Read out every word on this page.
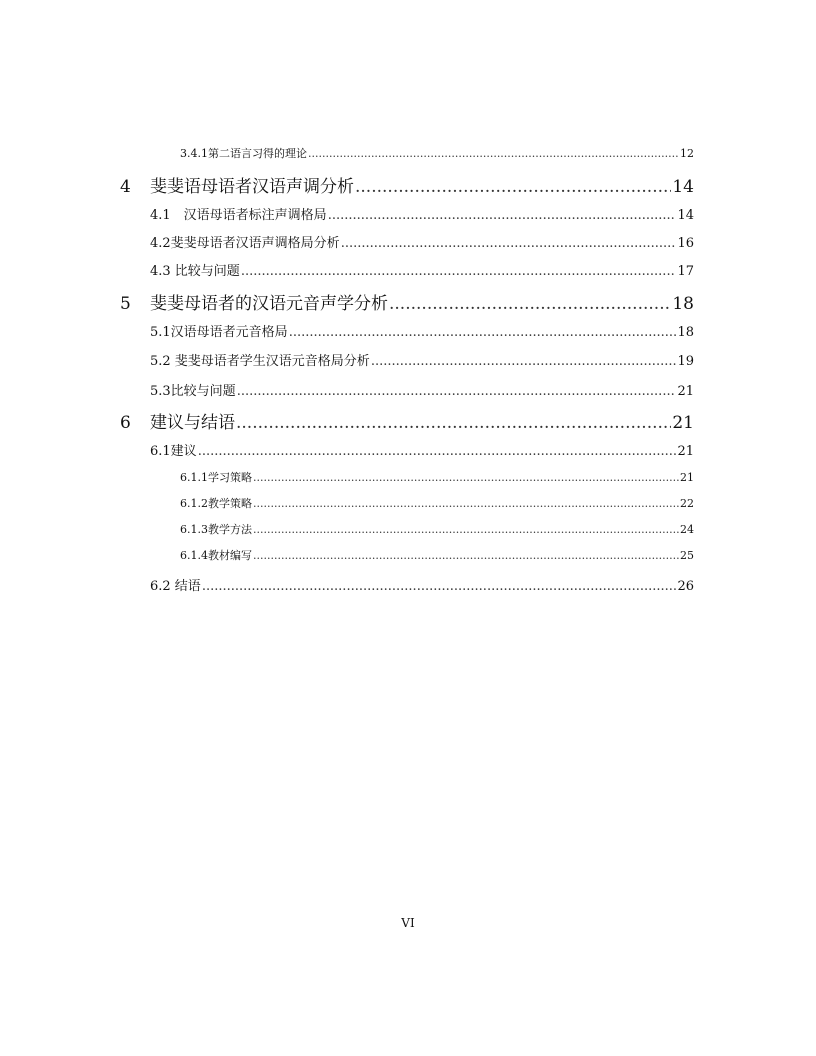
3.4.1第二语言习得的理论 .....	12
4	斐斐语母语者汉语声调分析 .....	14
4.1　汉语母语者标注声调格局 .....	14
4.2斐斐母语者汉语声调格局分析 .....	16
4.3 比较与问题 .....	17
5	斐斐母语者的汉语元音声学分析 .....	18
5.1汉语母语者元音格局 .....	18
5.2 斐斐母语者学生汉语元音格局分析 .....	19
5.3比较与问题 .....	21
6	建议与结语 .....	21
6.1建议 .....	21
6.1.1学习策略 .....	21
6.1.2教学策略 .....	22
6.1.3教学方法 .....	24
6.1.4教材编写 .....	25
6.2 结语 .....	26
VI
